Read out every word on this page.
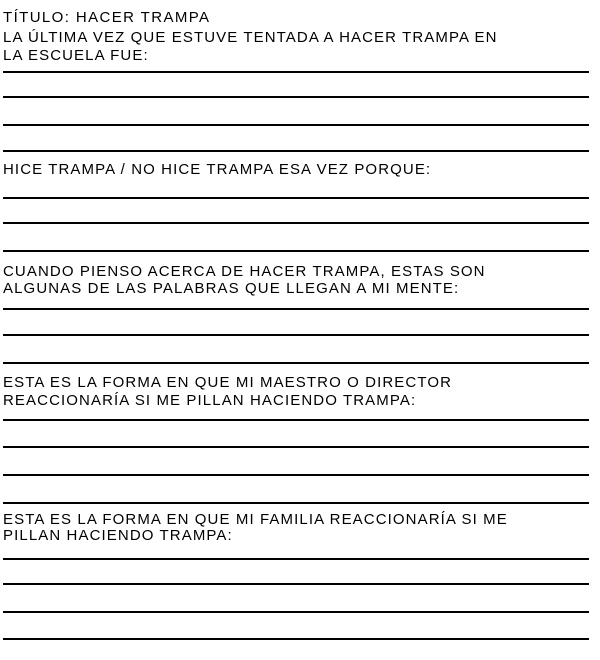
TÍTULO: HACER TRAMPA
LA ÚLTIMA VEZ QUE ESTUVE TENTADA A HACER TRAMPA EN
LA ESCUELA FUE:
HICE TRAMPA / NO HICE TRAMPA ESA VEZ PORQUE:
CUANDO PIENSO ACERCA DE HACER TRAMPA, ESTAS SON
ALGUNAS DE LAS PALABRAS QUE LLEGAN A MI MENTE:
ESTA ES LA FORMA EN QUE MI MAESTRO O DIRECTOR
REACCIONARÍA SI ME PILLAN HACIENDO TRAMPA:
ESTA ES LA FORMA EN QUE MI FAMILIA REACCIONARÍA SI ME
PILLAN HACIENDO TRAMPA:
